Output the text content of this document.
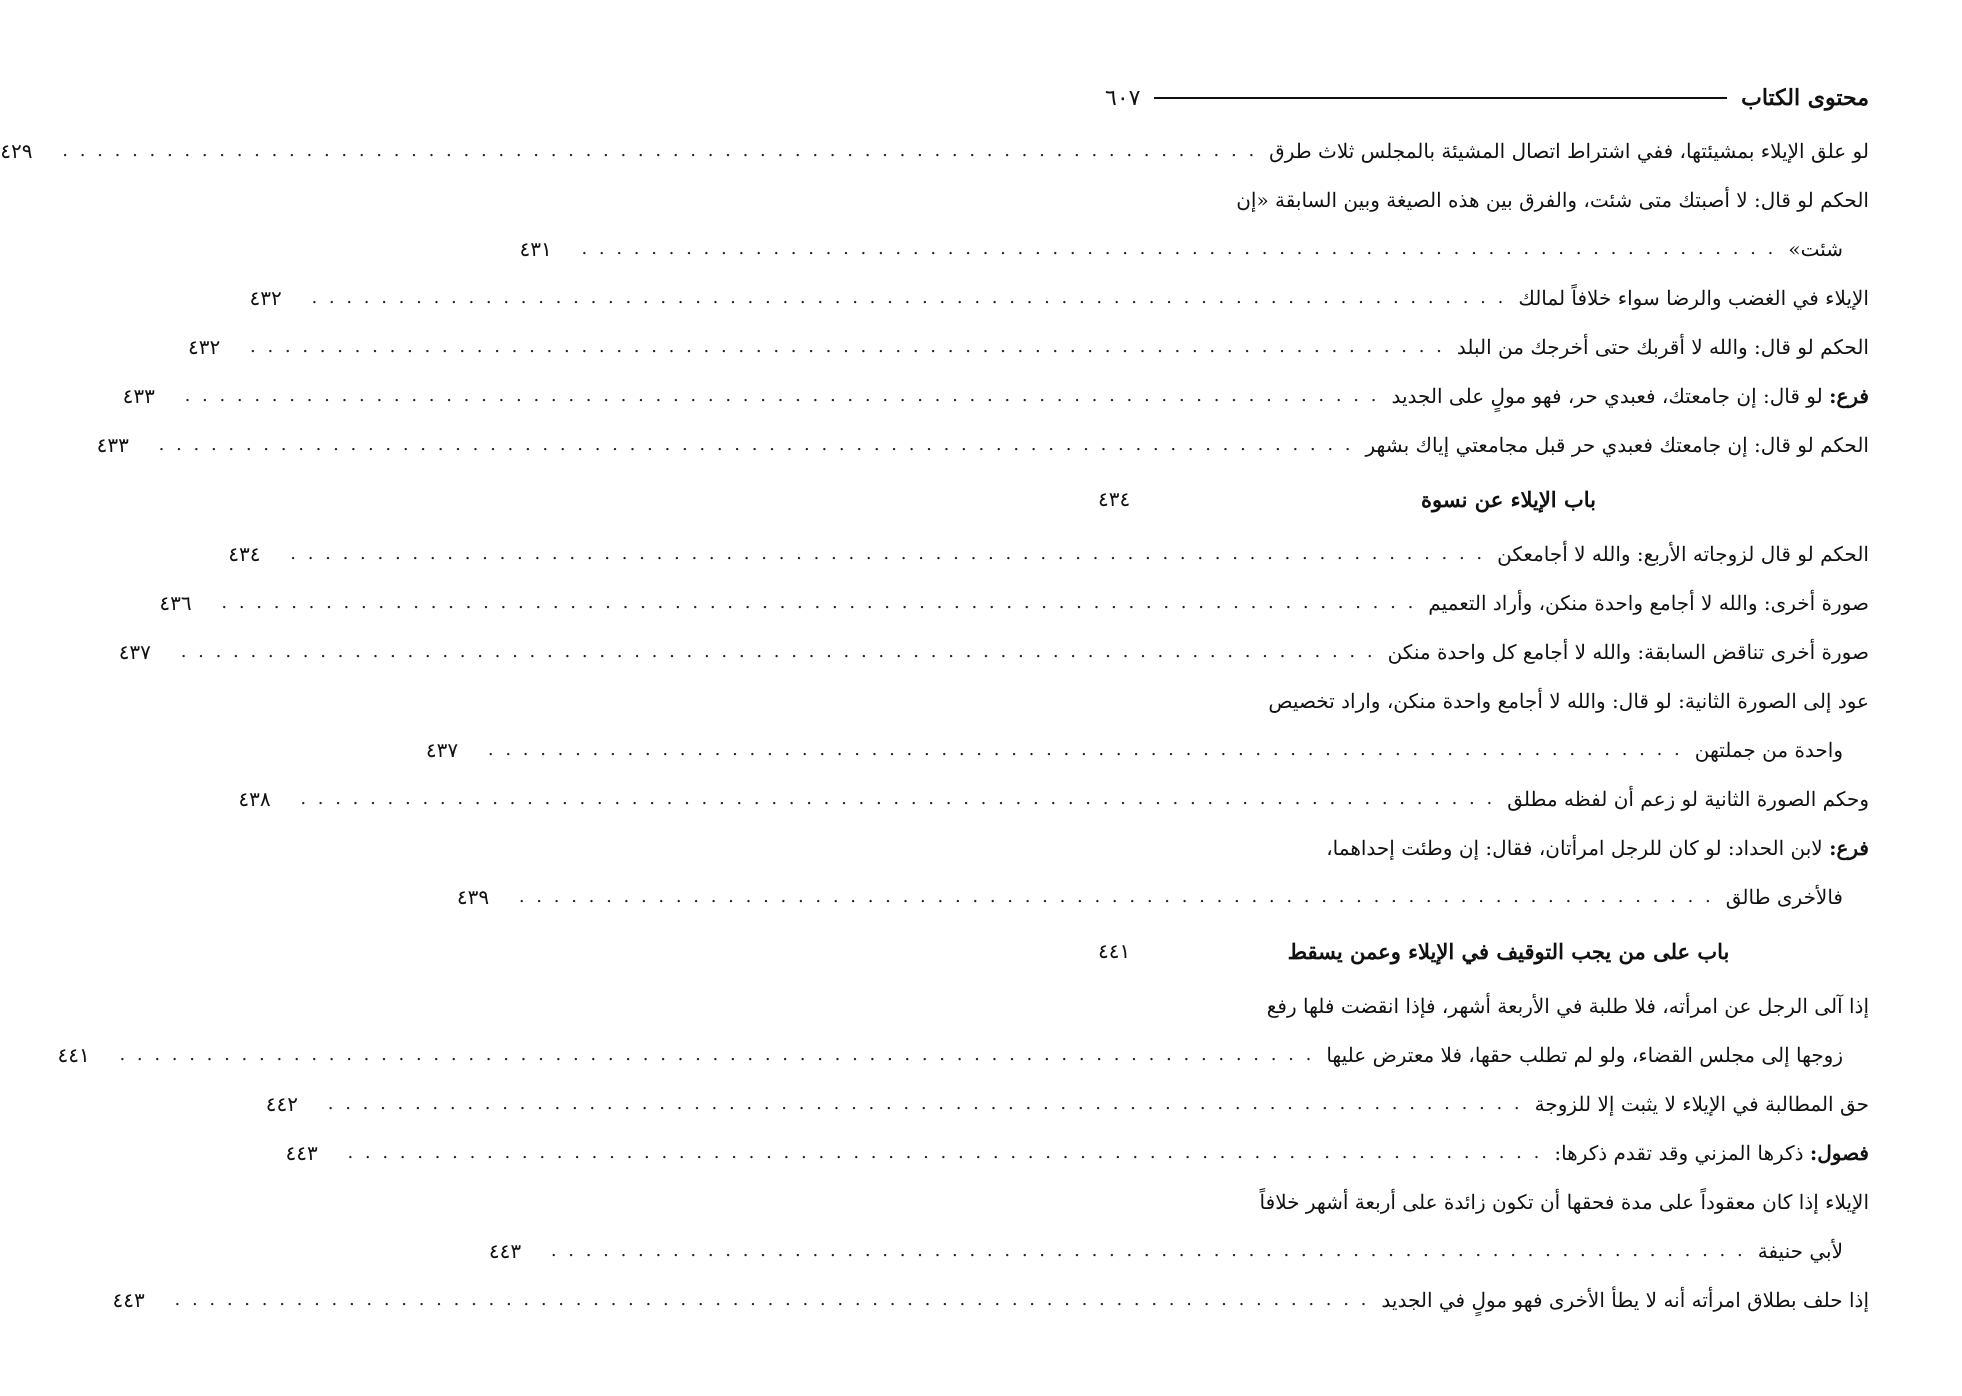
محتوى الكتاب
٦٠٧
لو علق الإيلاء بمشيئتها، ففي اشتراط اتصال المشيئة بالمجلس ثلاث طرق
. . . . . . . . . . . . . . . . . . . . . . . . . . . . . . . . . . . . . . . . . . . . . . . . . . . . . . . . . . . . . . . . . . . . .
٤٢٩
الحكم لو قال: لا أصبتك متى شئت، والفرق بين هذه الصيغة وبين السابقة «إن
شئت»
. . . . . . . . . . . . . . . . . . . . . . . . . . . . . . . . . . . . . . . . . . . . . . . . . . . . . . . . . . . . . . . . . . . . .
٤٣١
الإيلاء في الغضب والرضا سواء خلافاً لمالك
. . . . . . . . . . . . . . . . . . . . . . . . . . . . . . . . . . . . . . . . . . . . . . . . . . . . . . . . . . . . . . . . . . . . .
٤٣٢
الحكم لو قال: والله لا أقربك حتى أخرجك من البلد
. . . . . . . . . . . . . . . . . . . . . . . . . . . . . . . . . . . . . . . . . . . . . . . . . . . . . . . . . . . . . . . . . . . . .
٤٣٢
فرع: لو قال: إن جامعتك، فعبدي حر، فهو مولٍ على الجديد
. . . . . . . . . . . . . . . . . . . . . . . . . . . . . . . . . . . . . . . . . . . . . . . . . . . . . . . . . . . . . . . . . . . . .
٤٣٣
الحكم لو قال: إن جامعتك فعبدي حر قبل مجامعتي إياك بشهر
. . . . . . . . . . . . . . . . . . . . . . . . . . . . . . . . . . . . . . . . . . . . . . . . . . . . . . . . . . . . . . . . . . . . .
٤٣٣
باب الإيلاء عن نسوة
٤٣٤
الحكم لو قال لزوجاته الأربع: والله لا أجامعكن
. . . . . . . . . . . . . . . . . . . . . . . . . . . . . . . . . . . . . . . . . . . . . . . . . . . . . . . . . . . . . . . . . . . . .
٤٣٤
صورة أخرى: والله لا أجامع واحدة منكن، وأراد التعميم
. . . . . . . . . . . . . . . . . . . . . . . . . . . . . . . . . . . . . . . . . . . . . . . . . . . . . . . . . . . . . . . . . . . . .
٤٣٦
صورة أخرى تناقض السابقة: والله لا أجامع كل واحدة منكن
. . . . . . . . . . . . . . . . . . . . . . . . . . . . . . . . . . . . . . . . . . . . . . . . . . . . . . . . . . . . . . . . . . . . .
٤٣٧
عود إلى الصورة الثانية: لو قال: والله لا أجامع واحدة منكن، واراد تخصيص
واحدة من جملتهن
. . . . . . . . . . . . . . . . . . . . . . . . . . . . . . . . . . . . . . . . . . . . . . . . . . . . . . . . . . . . . . . . . . . . .
٤٣٧
وحكم الصورة الثانية لو زعم أن لفظه مطلق
. . . . . . . . . . . . . . . . . . . . . . . . . . . . . . . . . . . . . . . . . . . . . . . . . . . . . . . . . . . . . . . . . . . . .
٤٣٨
فرع: لابن الحداد: لو كان للرجل امرأتان، فقال: إن وطئت إحداهما،
فالأخرى طالق
. . . . . . . . . . . . . . . . . . . . . . . . . . . . . . . . . . . . . . . . . . . . . . . . . . . . . . . . . . . . . . . . . . . . .
٤٣٩
باب على من يجب التوقيف في الإيلاء وعمن يسقط
٤٤١
إذا آلى الرجل عن امرأته، فلا طلبة في الأربعة أشهر، فإذا انقضت فلها رفع
زوجها إلى مجلس القضاء، ولو لم تطلب حقها، فلا معترض عليها
. . . . . . . . . . . . . . . . . . . . . . . . . . . . . . . . . . . . . . . . . . . . . . . . . . . . . . . . . . . . . . . . . . . . .
٤٤١
حق المطالبة في الإيلاء لا يثبت إلا للزوجة
. . . . . . . . . . . . . . . . . . . . . . . . . . . . . . . . . . . . . . . . . . . . . . . . . . . . . . . . . . . . . . . . . . . . .
٤٤٢
فصول: ذكرها المزني وقد تقدم ذكرها:
. . . . . . . . . . . . . . . . . . . . . . . . . . . . . . . . . . . . . . . . . . . . . . . . . . . . . . . . . . . . . . . . . . . . .
٤٤٣
الإيلاء إذا كان معقوداً على مدة فحقها أن تكون زائدة على أربعة أشهر خلافاً
لأبي حنيفة
. . . . . . . . . . . . . . . . . . . . . . . . . . . . . . . . . . . . . . . . . . . . . . . . . . . . . . . . . . . . . . . . . . . . .
٤٤٣
إذا حلف بطلاق امرأته أنه لا يطأ الأخرى فهو مولٍ في الجديد
. . . . . . . . . . . . . . . . . . . . . . . . . . . . . . . . . . . . . . . . . . . . . . . . . . . . . . . . . . . . . . . . . . . . .
٤٤٣
